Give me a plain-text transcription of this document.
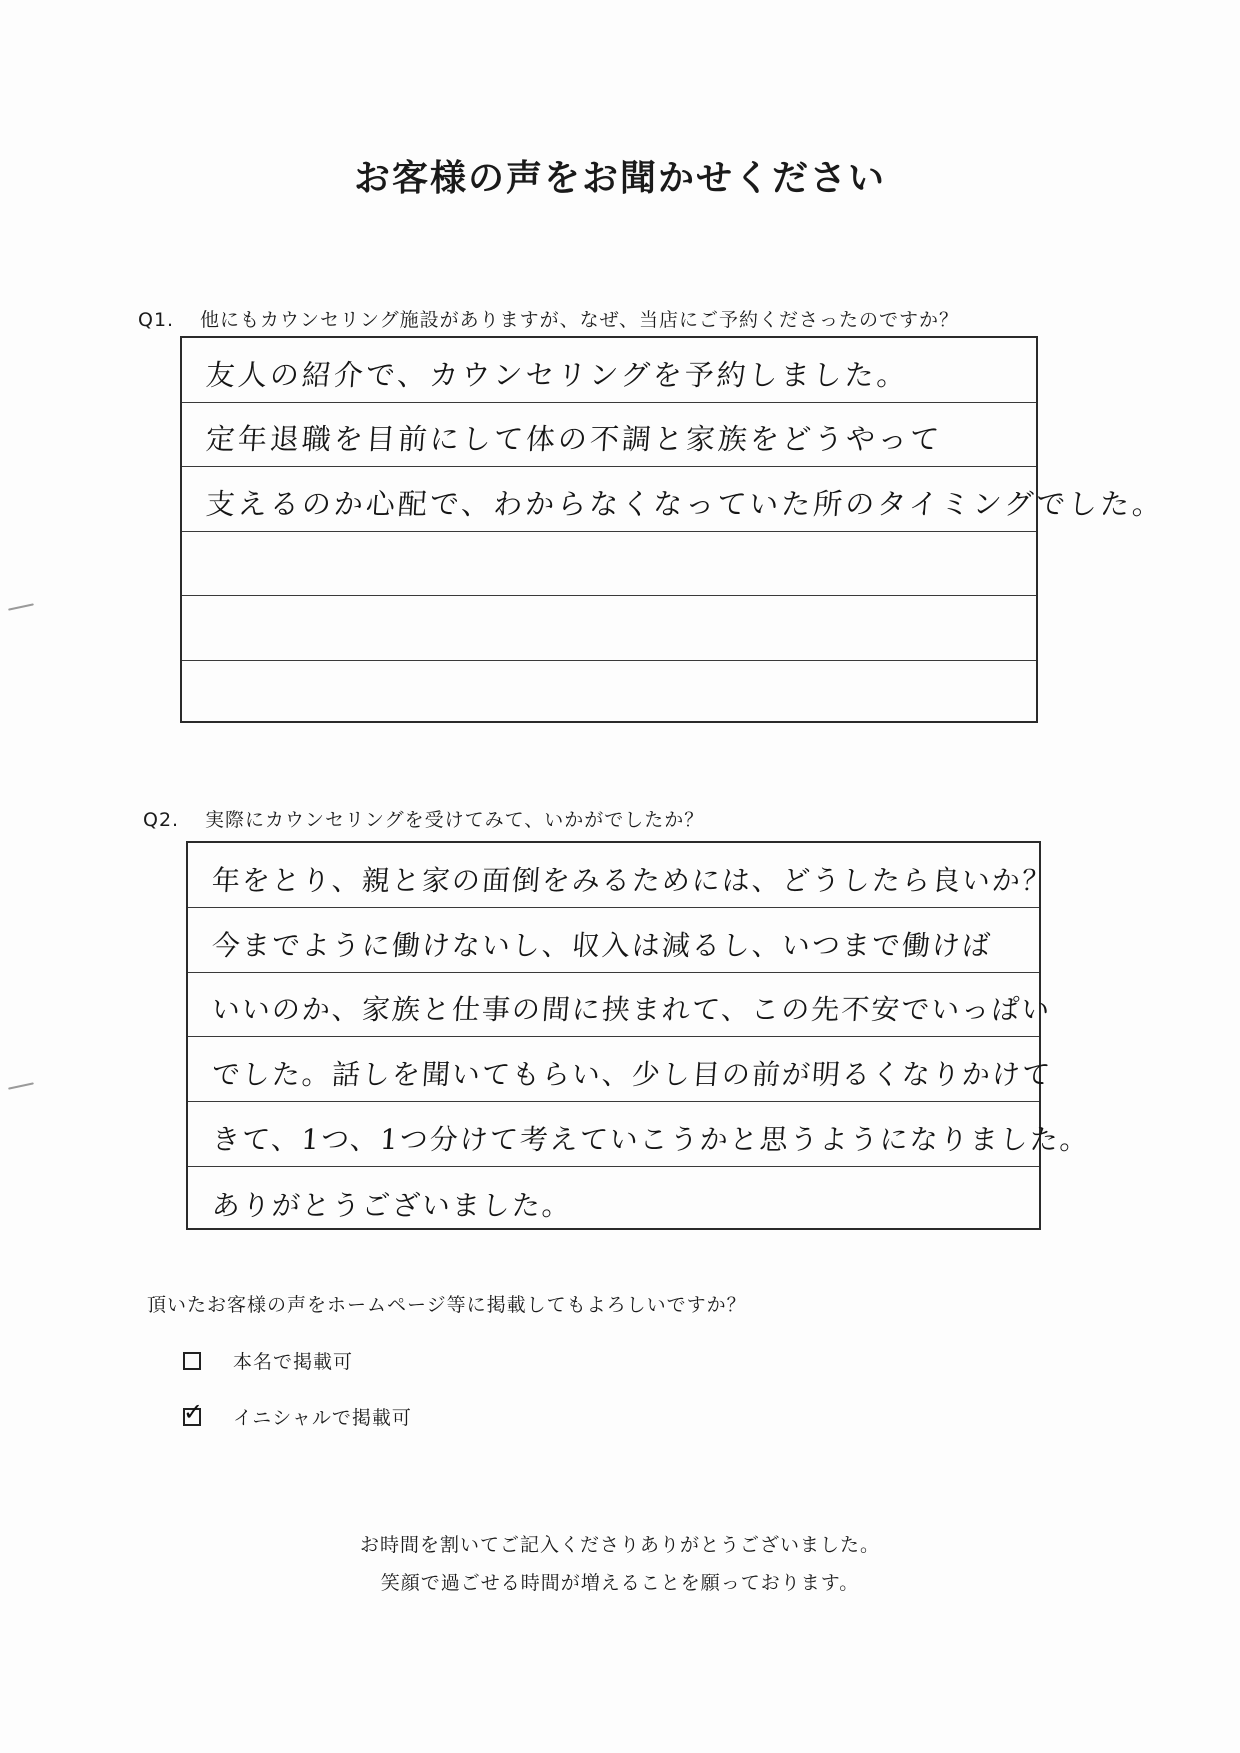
お客様の声をお聞かせください
Q1. 他にもカウンセリング施設がありますが、なぜ、当店にご予約くださったのですか？
友人の紹介で、カウンセリングを予約しました。
定年退職を目前にして体の不調と家族をどうやって
支えるのか心配で、わからなくなっていた所のタイミングでした。
Q2. 実際にカウンセリングを受けてみて、いかがでしたか？
年をとり、親と家の面倒をみるためには、どうしたら良いか？
今までように働けないし、収入は減るし、いつまで働けば
いいのか、家族と仕事の間に挟まれて、この先不安でいっぱい
でした。話しを聞いてもらい、少し目の前が明るくなりかけて
きて、1つ、1つ分けて考えていこうかと思うようになりました。
ありがとうございました。
頂いたお客様の声をホームページ等に掲載してもよろしいですか？
本名で掲載可
✓ イニシャルで掲載可
お時間を割いてご記入くださりありがとうございました。
笑顔で過ごせる時間が増えることを願っております。
